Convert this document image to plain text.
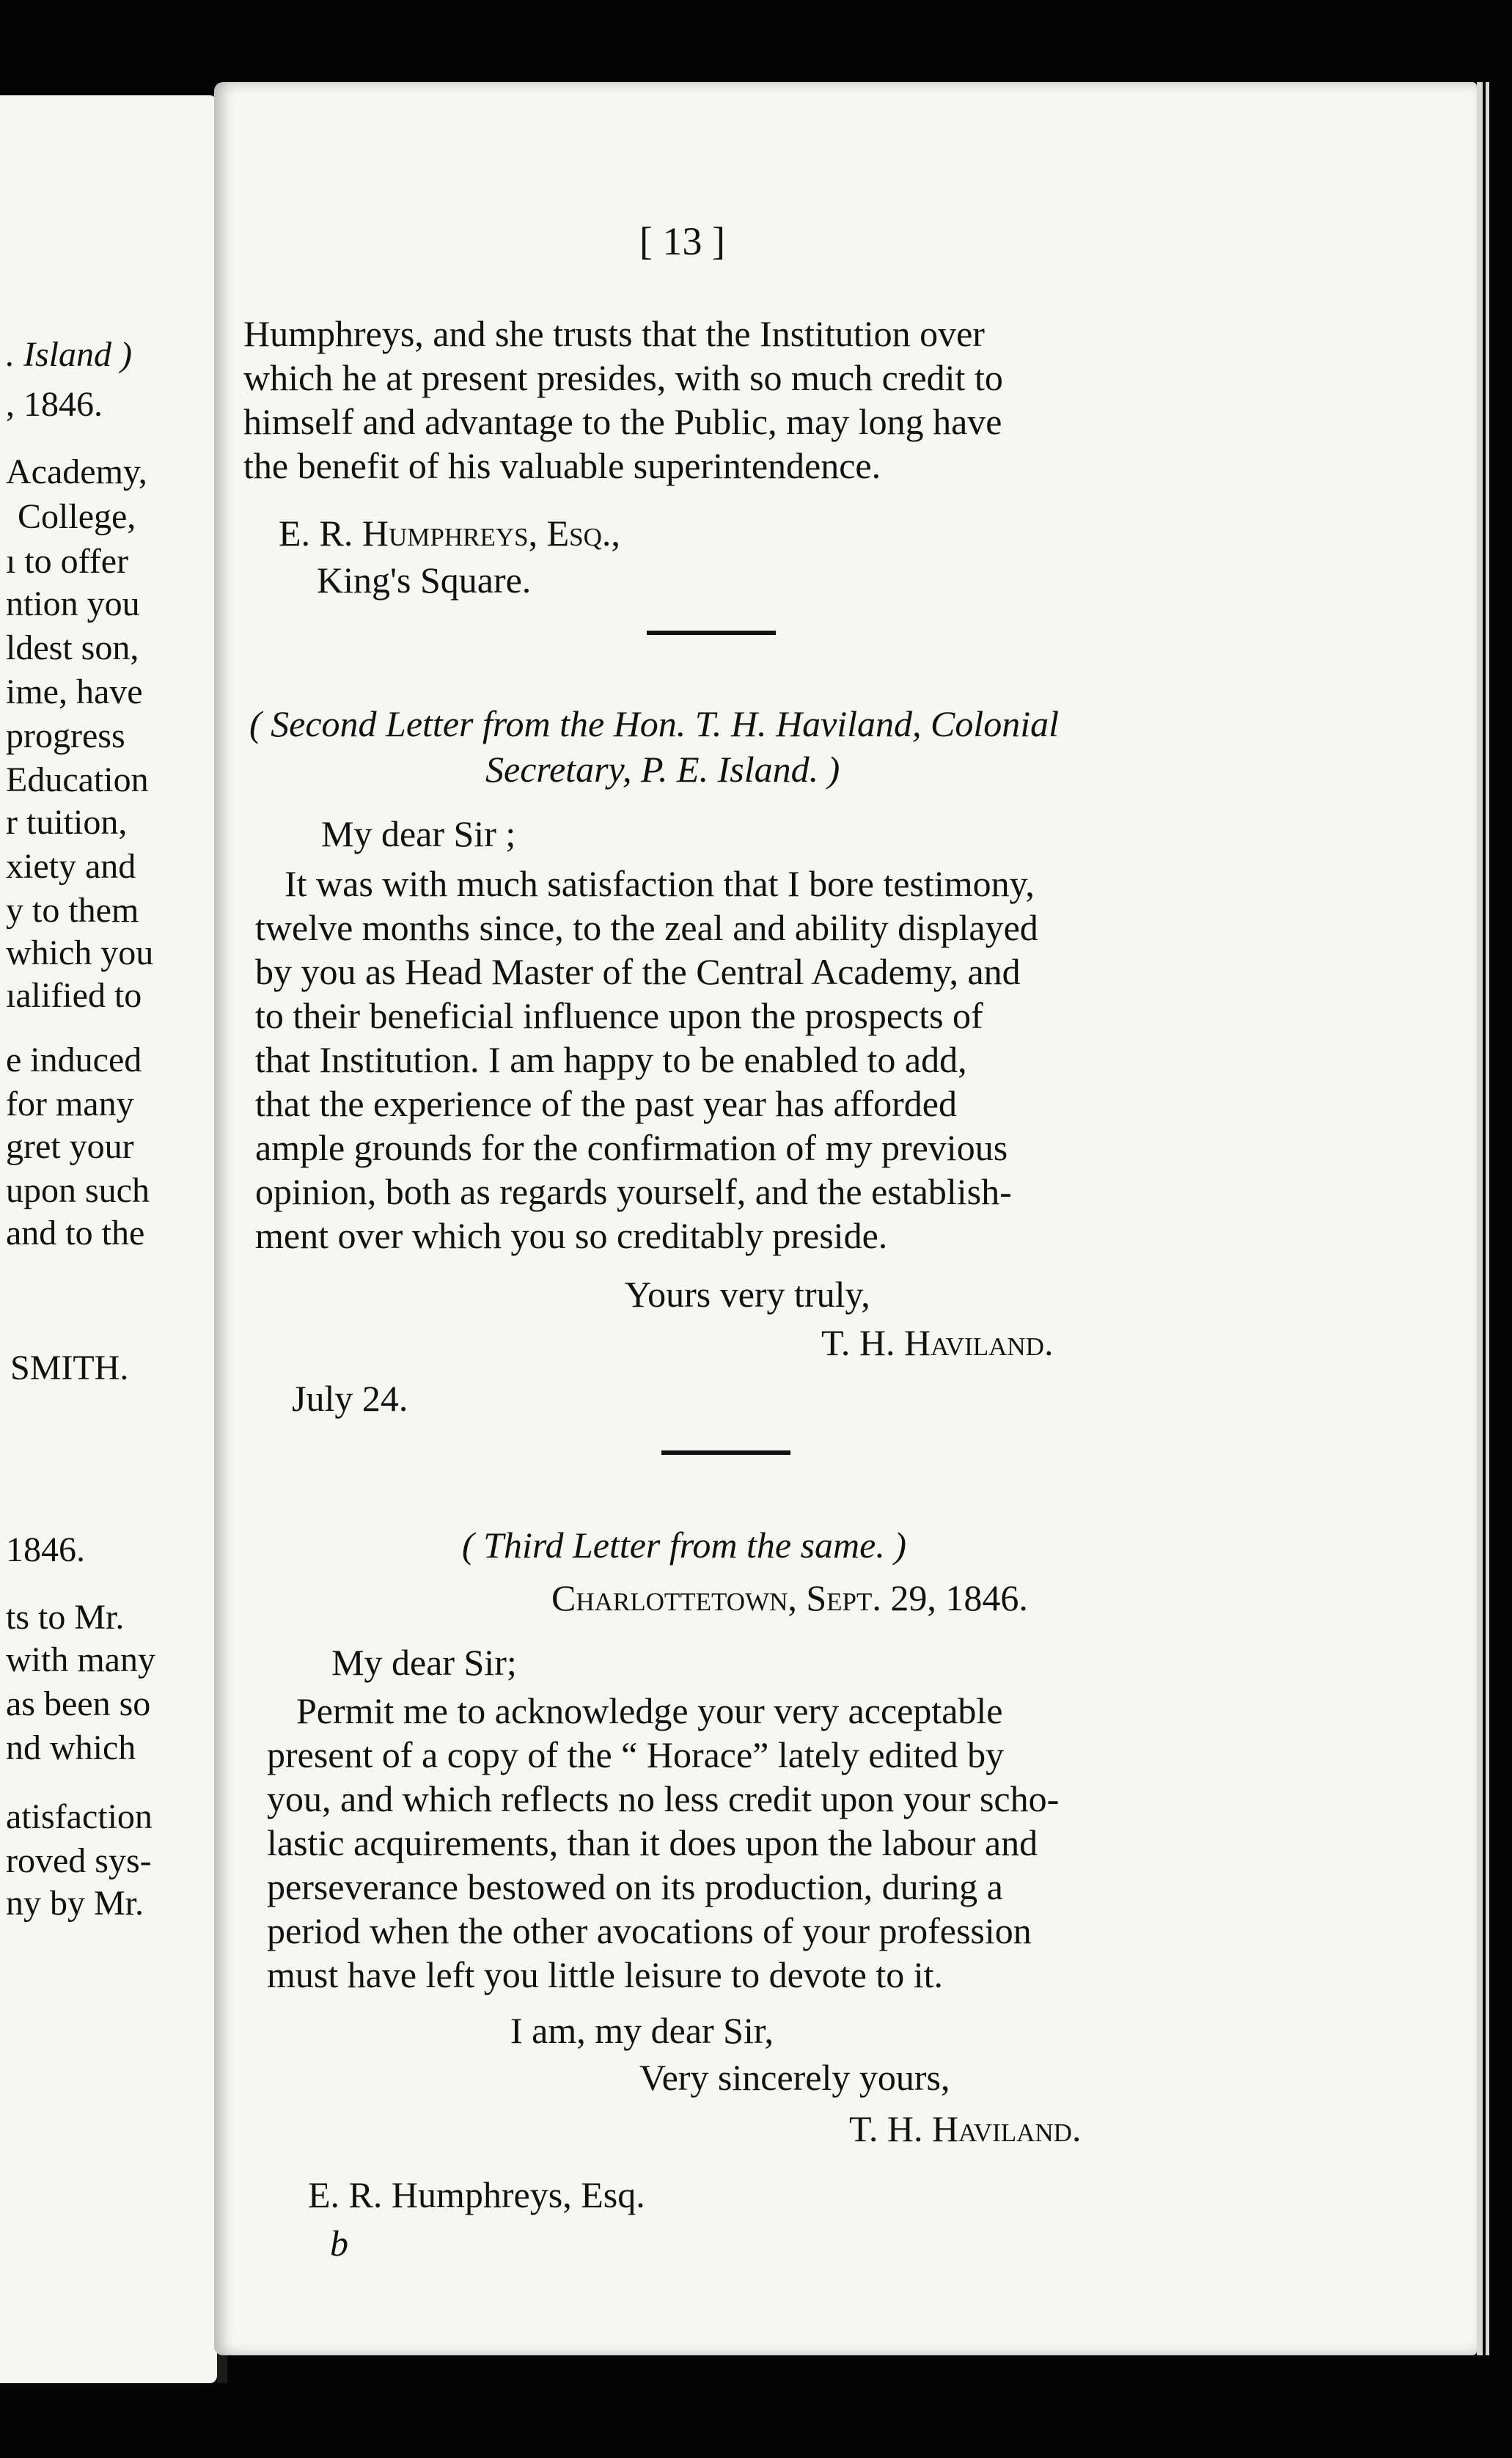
. Island )
, 1846.
Academy,
College,
ı to offer
ntion you
ldest son,
ime, have
progress
Education
r tuition,
xiety and
y to them
which you
ıalified to
e induced
for many
gret your
upon such
and to the
SMITH.
1846.
ts to Mr.
with many
as been so
nd which
atisfaction
roved sys-
ny by Mr.
[ 13 ]
Humphreys, and she trusts that the Institution over
which he at present presides, with so much credit to
himself and advantage to the Public, may long have
the benefit of his valuable superintendence.
E. R. Humphreys, Esq.,
King's Square.
( Second Letter from the Hon. T. H. Haviland, Colonial
Secretary, P. E. Island. )
My dear Sir ;
It was with much satisfaction that I bore testimony,
twelve months since, to the zeal and ability displayed
by you as Head Master of the Central Academy, and
to their beneficial influence upon the prospects of
that Institution. I am happy to be enabled to add,
that the experience of the past year has afforded
ample grounds for the confirmation of my previous
opinion, both as regards yourself, and the establish-
ment over which you so creditably preside.
Yours very truly,
T. H. Haviland.
July 24.
( Third Letter from the same. )
Charlottetown, Sept. 29, 1846.
My dear Sir;
Permit me to acknowledge your very acceptable
present of a copy of the “ Horace” lately edited by
you, and which reflects no less credit upon your scho-
lastic acquirements, than it does upon the labour and
perseverance bestowed on its production, during a
period when the other avocations of your profession
must have left you little leisure to devote to it.
I am, my dear Sir,
Very sincerely yours,
T. H. Haviland.
E. R. Humphreys, Esq.
b
